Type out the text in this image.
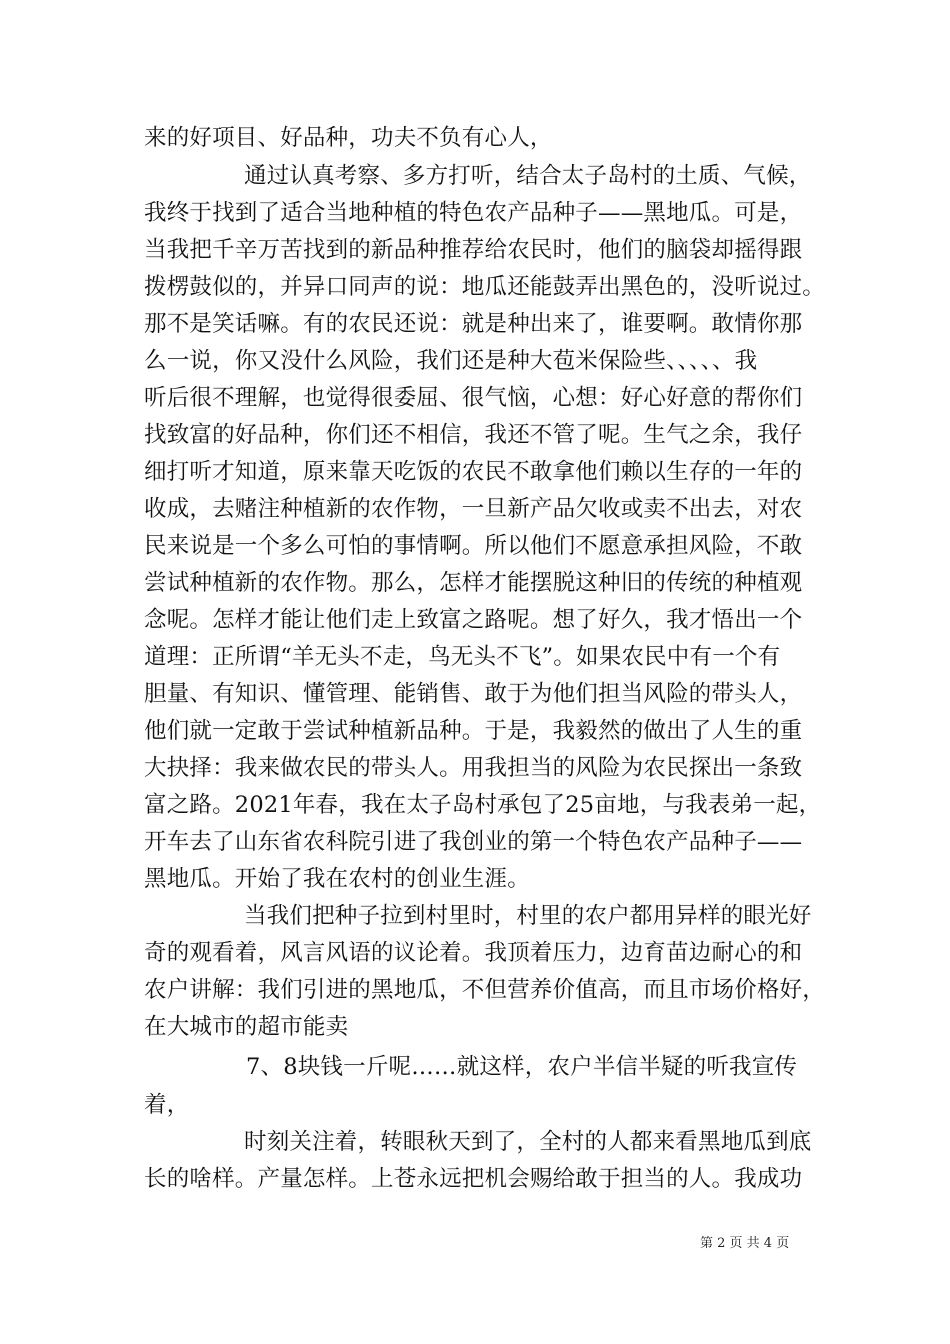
来的好项目、好品种，功夫不负有心人，
通过认真考察、多方打听，结合太子岛村的土质、气候，
我终于找到了适合当地种植的特色农产品种子——黑地瓜。可是，
当我把千辛万苦找到的新品种推荐给农民时，他们的脑袋却摇得跟
拨楞鼓似的，并异口同声的说：地瓜还能鼓弄出黑色的，没听说过。
那不是笑话嘛。有的农民还说：就是种出来了，谁要啊。敢情你那
么一说，你又没什么风险，我们还是种大苞米保险些、、、、、我
听后很不理解，也觉得很委屈、很气恼，心想：好心好意的帮你们
找致富的好品种，你们还不相信，我还不管了呢。生气之余，我仔
细打听才知道，原来靠天吃饭的农民不敢拿他们赖以生存的一年的
收成，去赌注种植新的农作物，一旦新产品欠收或卖不出去，对农
民来说是一个多么可怕的事情啊。所以他们不愿意承担风险，不敢
尝试种植新的农作物。那么，怎样才能摆脱这种旧的传统的种植观
念呢。怎样才能让他们走上致富之路呢。想了好久，我才悟出一个
道理：正所谓“羊无头不走，鸟无头不飞”。如果农民中有一个有
胆量、有知识、懂管理、能销售、敢于为他们担当风险的带头人，
他们就一定敢于尝试种植新品种。于是，我毅然的做出了人生的重
大抉择：我来做农民的带头人。用我担当的风险为农民探出一条致
富之路。2021年春，我在太子岛村承包了25亩地，与我表弟一起，
开车去了山东省农科院引进了我创业的第一个特色农产品种子——
黑地瓜。开始了我在农村的创业生涯。
当我们把种子拉到村里时，村里的农户都用异样的眼光好
奇的观看着，风言风语的议论着。我顶着压力，边育苗边耐心的和
农户讲解：我们引进的黑地瓜，不但营养价值高，而且市场价格好，
在大城市的超市能卖
7、8块钱一斤呢……就这样，农户半信半疑的听我宣传
着，
时刻关注着，转眼秋天到了，全村的人都来看黑地瓜到底
长的啥样。产量怎样。上苍永远把机会赐给敢于担当的人。我成功
第 2 页 共 4 页
